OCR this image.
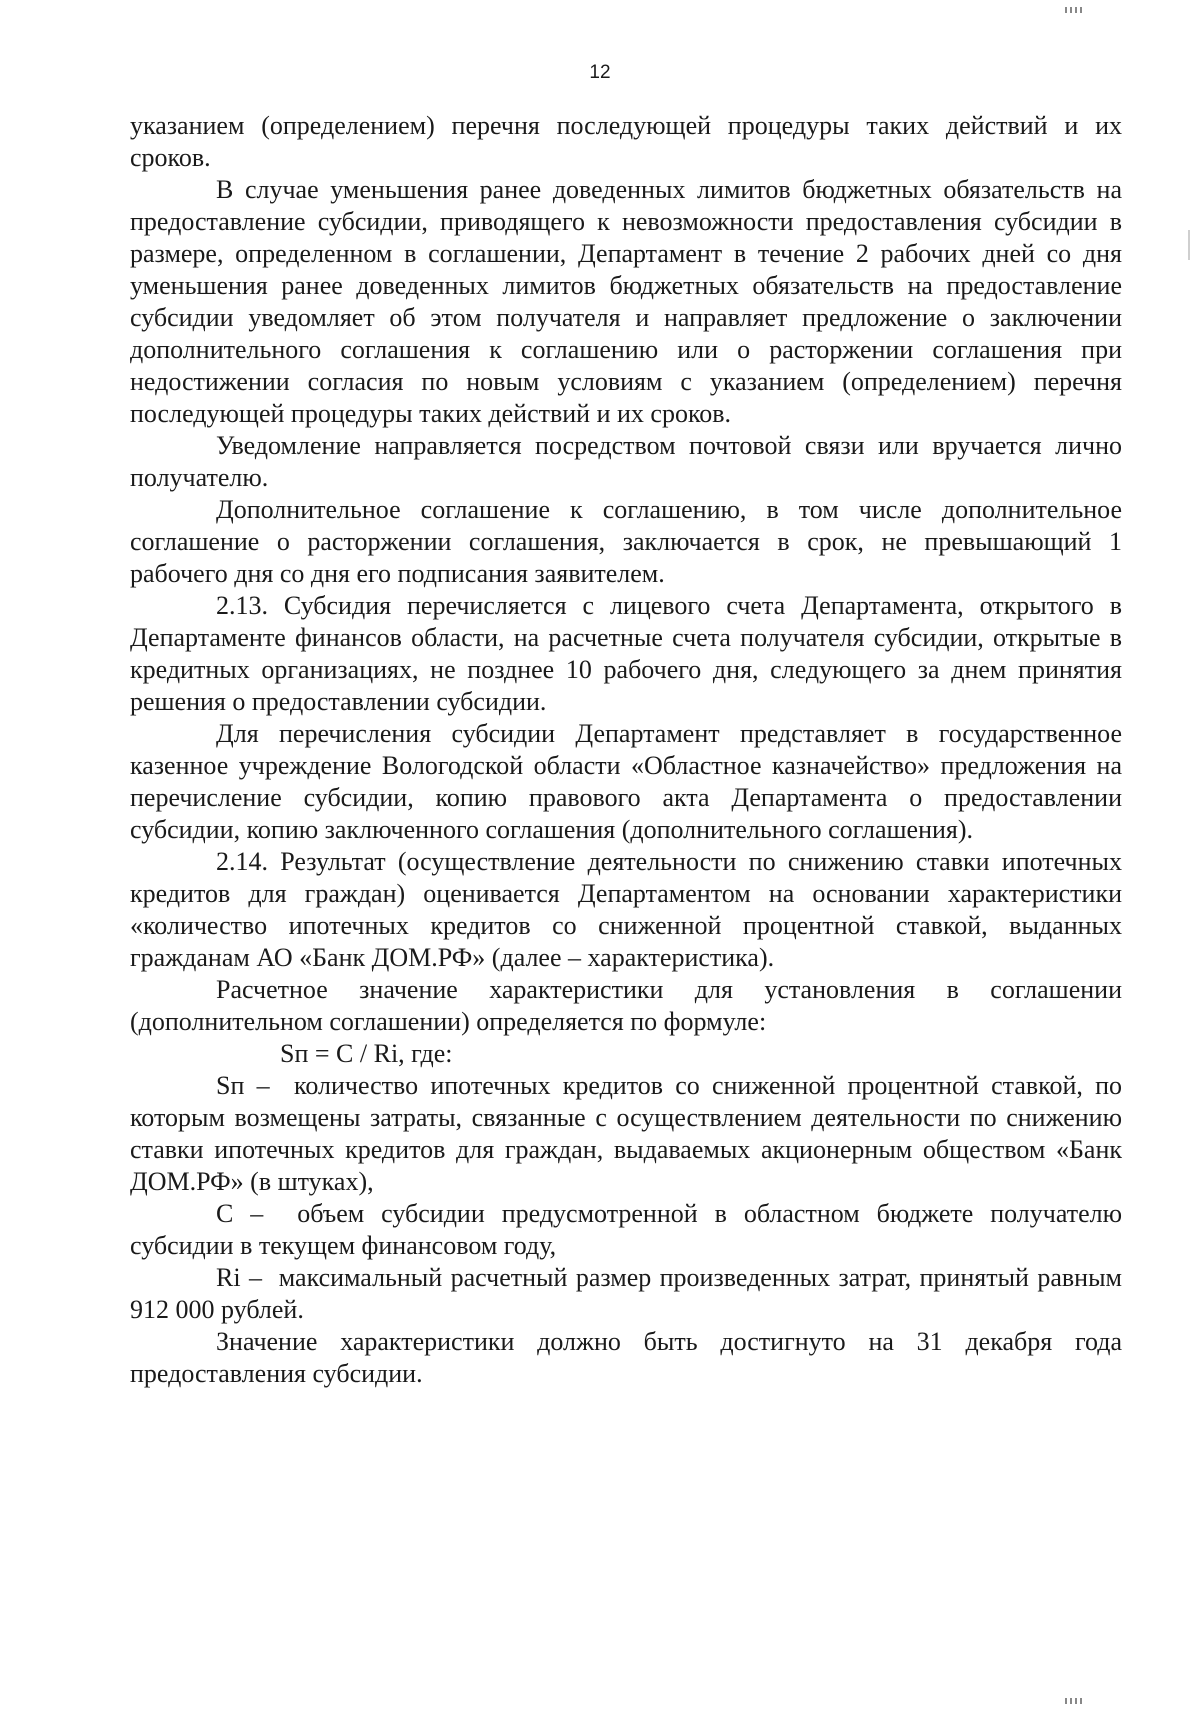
12

указанием (определением) перечня последующей процедуры таких действий и их сроков.

В случае уменьшения ранее доведенных лимитов бюджетных обязательств на предоставление субсидии, приводящего к невозможности предоставления субсидии в размере, определенном в соглашении, Департамент в течение 2 рабочих дней со дня уменьшения ранее доведенных лимитов бюджетных обязательств на предоставление субсидии уведомляет об этом получателя и направляет предложение о заключении дополнительного соглашения к соглашению или о расторжении соглашения при недостижении согласия по новым условиям с указанием (определением) перечня последующей процедуры таких действий и их сроков.

Уведомление направляется посредством почтовой связи или вручается лично получателю.

Дополнительное соглашение к соглашению, в том числе дополнительное соглашение о расторжении соглашения, заключается в срок, не превышающий 1 рабочего дня со дня его подписания заявителем.

2.13. Субсидия перечисляется с лицевого счета Департамента, открытого в Департаменте финансов области, на расчетные счета получателя субсидии, открытые в кредитных организациях, не позднее 10 рабочего дня, следующего за днем принятия решения о предоставлении субсидии.

Для перечисления субсидии Департамент представляет в государственное казенное учреждение Вологодской области «Областное казначейство» предложения на перечисление субсидии, копию правового акта Департамента о предоставлении субсидии, копию заключенного соглашения (дополнительного соглашения).

2.14. Результат (осуществление деятельности по снижению ставки ипотечных кредитов для граждан) оценивается Департаментом на основании характеристики «количество ипотечных кредитов со сниженной процентной ставкой, выданных гражданам АО «Банк ДОМ.РФ» (далее – характеристика).

Расчетное значение характеристики для установления в соглашении (дополнительном соглашении) определяется по формуле:

Sп = С / Ri, где:

Sп – количество ипотечных кредитов со сниженной процентной ставкой, по которым возмещены затраты, связанные с осуществлением деятельности по снижению ставки ипотечных кредитов для граждан, выдаваемых акционерным обществом «Банк ДОМ.РФ» (в штуках),

С – объем субсидии предусмотренной в областном бюджете получателю субсидии в текущем финансовом году,

Ri – максимальный расчетный размер произведенных затрат, принятый равным 912 000 рублей.

Значение характеристики должно быть достигнуто на 31 декабря года предоставления субсидии.
